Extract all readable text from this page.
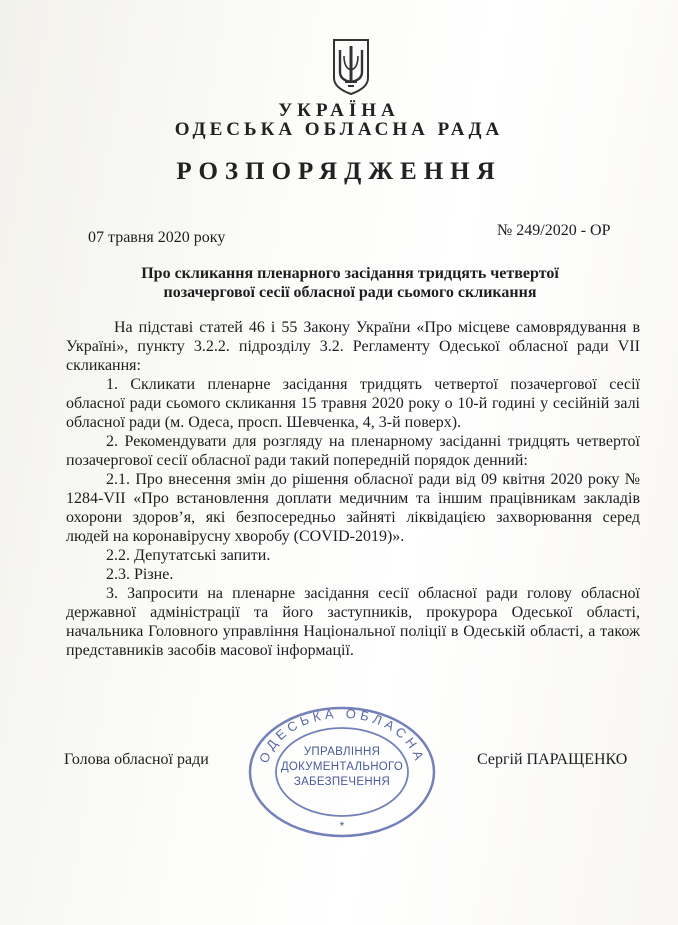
УКРАЇНА
ОДЕСЬКА ОБЛАСНА РАДА
РОЗПОРЯДЖЕННЯ
07 травня 2020 року	№ 249/2020 - ОР
Про скликання пленарного засідання тридцять четвертої
позачергової сесії обласної ради сьомого скликання

На підставі статей 46 і 55 Закону України «Про місцеве самоврядування в Україні», пункту 3.2.2. підрозділу 3.2. Регламенту Одеської обласної ради VII скликання:

1. Скликати пленарне засідання тридцять четвертої позачергової сесії обласної ради сьомого скликання 15 травня 2020 року о 10-й годині у сесійній залі обласної ради (м. Одеса, просп. Шевченка, 4, 3-й поверх).

2. Рекомендувати для розгляду на пленарному засіданні тридцять четвертої позачергової сесії обласної ради такий попередній порядок денний:

2.1. Про внесення змін до рішення обласної ради від 09 квітня 2020 року № 1284-VII «Про встановлення доплати медичним та іншим працівникам закладів охорони здоров’я, які безпосередньо зайняті ліквідацією захворювання серед людей на коронавірусну хворобу (COVID-2019)».

2.2. Депутатські запити.

2.3. Різне.

3. Запросити на пленарне засідання сесії обласної ради голову обласної державної адміністрації та його заступників, прокурора Одеської області, начальника Головного управління Національної поліції в Одеській області, а також представників засобів масової інформації.

Голова обласної ради	Сергій ПАРАЩЕНКО
ОДЕСЬКА ОБЛАСНА
*
УПРАВЛІННЯ
ДОКУМЕНТАЛЬНОГО
ЗАБЕЗПЕЧЕННЯ
